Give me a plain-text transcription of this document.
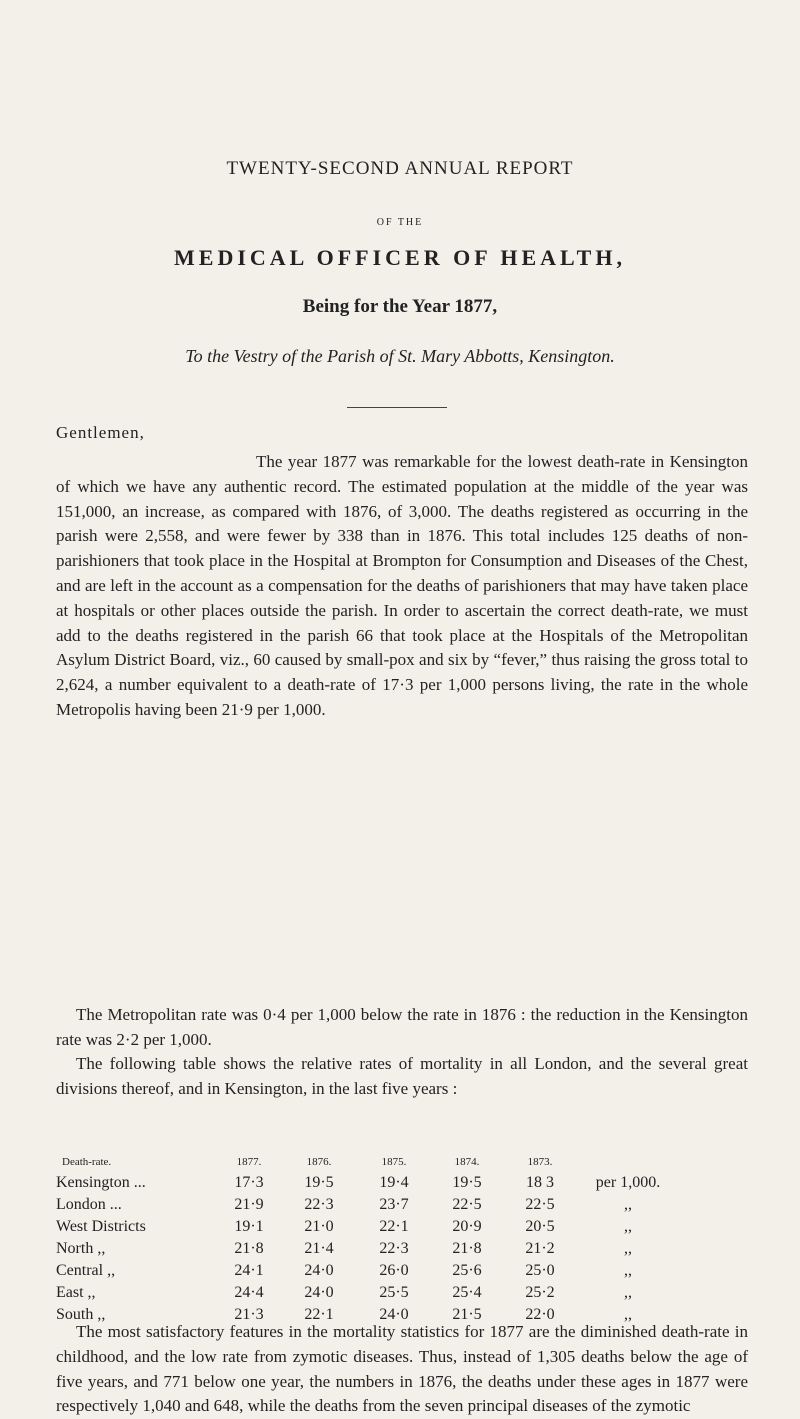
TWENTY-SECOND ANNUAL REPORT
OF THE
MEDICAL OFFICER OF HEALTH,
Being for the Year 1877,
To the Vestry of the Parish of St. Mary Abbotts, Kensington.
Gentlemen,

The year 1877 was remarkable for the lowest death-rate in Kensington of which we have any authentic record. The estimated population at the middle of the year was 151,000, an increase, as compared with 1876, of 3,000. The deaths registered as occurring in the parish were 2,558, and were fewer by 338 than in 1876. This total includes 125 deaths of non-parishioners that took place in the Hospital at Brompton for Consumption and Diseases of the Chest, and are left in the account as a compensation for the deaths of parishioners that may have taken place at hospitals or other places outside the parish. In order to ascertain the correct death-rate, we must add to the deaths registered in the parish 66 that took place at the Hospitals of the Metropolitan Asylum District Board, viz., 60 caused by small-pox and six by “fever,” thus raising the gross total to 2,624, a number equivalent to a death-rate of 17·3 per 1,000 persons living, the rate in the whole Metropolis having been 21·9 per 1,000.

The Metropolitan rate was 0·4 per 1,000 below the rate in 1876 : the reduction in the Kensington rate was 2·2 per 1,000.

The following table shows the relative rates of mortality in all London, and the several great divisions thereof, and in Kensington, in the last five years :

Death-rate.	1877.	1876.	1875.	1874.	1873.	
Kensington ...	17·3	19·5	19·4	19·5	18 3	per 1,000.
London ...	21·9	22·3	23·7	22·5	22·5	,,
West Districts	19·1	21·0	22·1	20·9	20·5	,,
North ,,	21·8	21·4	22·3	21·8	21·2	,,
Central ,,	24·1	24·0	26·0	25·6	25·0	,,
East ,,	24·4	24·0	25·5	25·4	25·2	,,
South ,,	21·3	22·1	24·0	21·5	22·0	,,

The most satisfactory features in the mortality statistics for 1877 are the diminished death-rate in childhood, and the low rate from zymotic diseases. Thus, instead of 1,305 deaths below the age of five years, and 771 below one year, the numbers in 1876, the deaths under these ages in 1877 were respectively 1,040 and 648, while the deaths from the seven principal diseases of the zymotic
